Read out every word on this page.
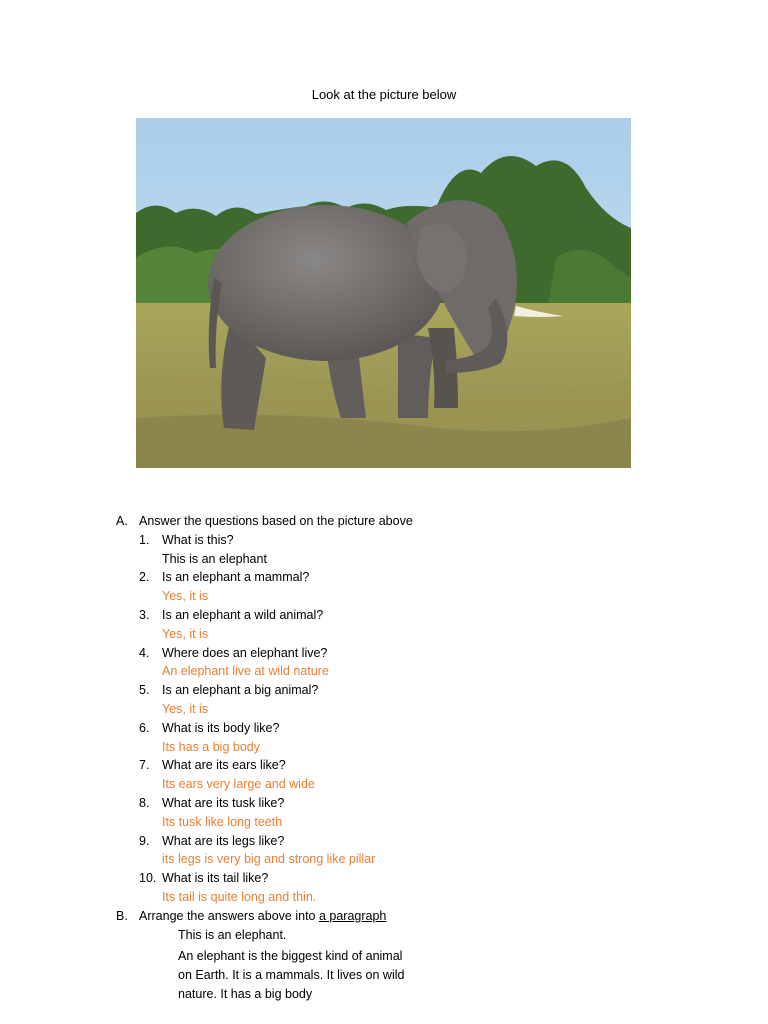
Look at the picture below
A. Answer the questions based on the picture above
1. What is this?
This is an elephant
2. Is an elephant a mammal?
Yes, it is
3. Is an elephant a wild animal?
Yes, it is
4. Where does an elephant live?
An elephant live at wild nature
5. Is an elephant a big animal?
Yes, it is
6. What is its body like?
Its has a big body
7. What are its ears like?
Its ears very large and wide
8. What are its tusk like?
Its tusk like long teeth
9. What are its legs like?
its legs is very big and strong like pillar
10. What is its tail like?
Its tail is quite long and thin.
B. Arrange the answers above into a paragraph
This is an elephant.
An elephant is the biggest kind of animal on Earth. It is a mammals. It lives on wild nature. It has a big body
